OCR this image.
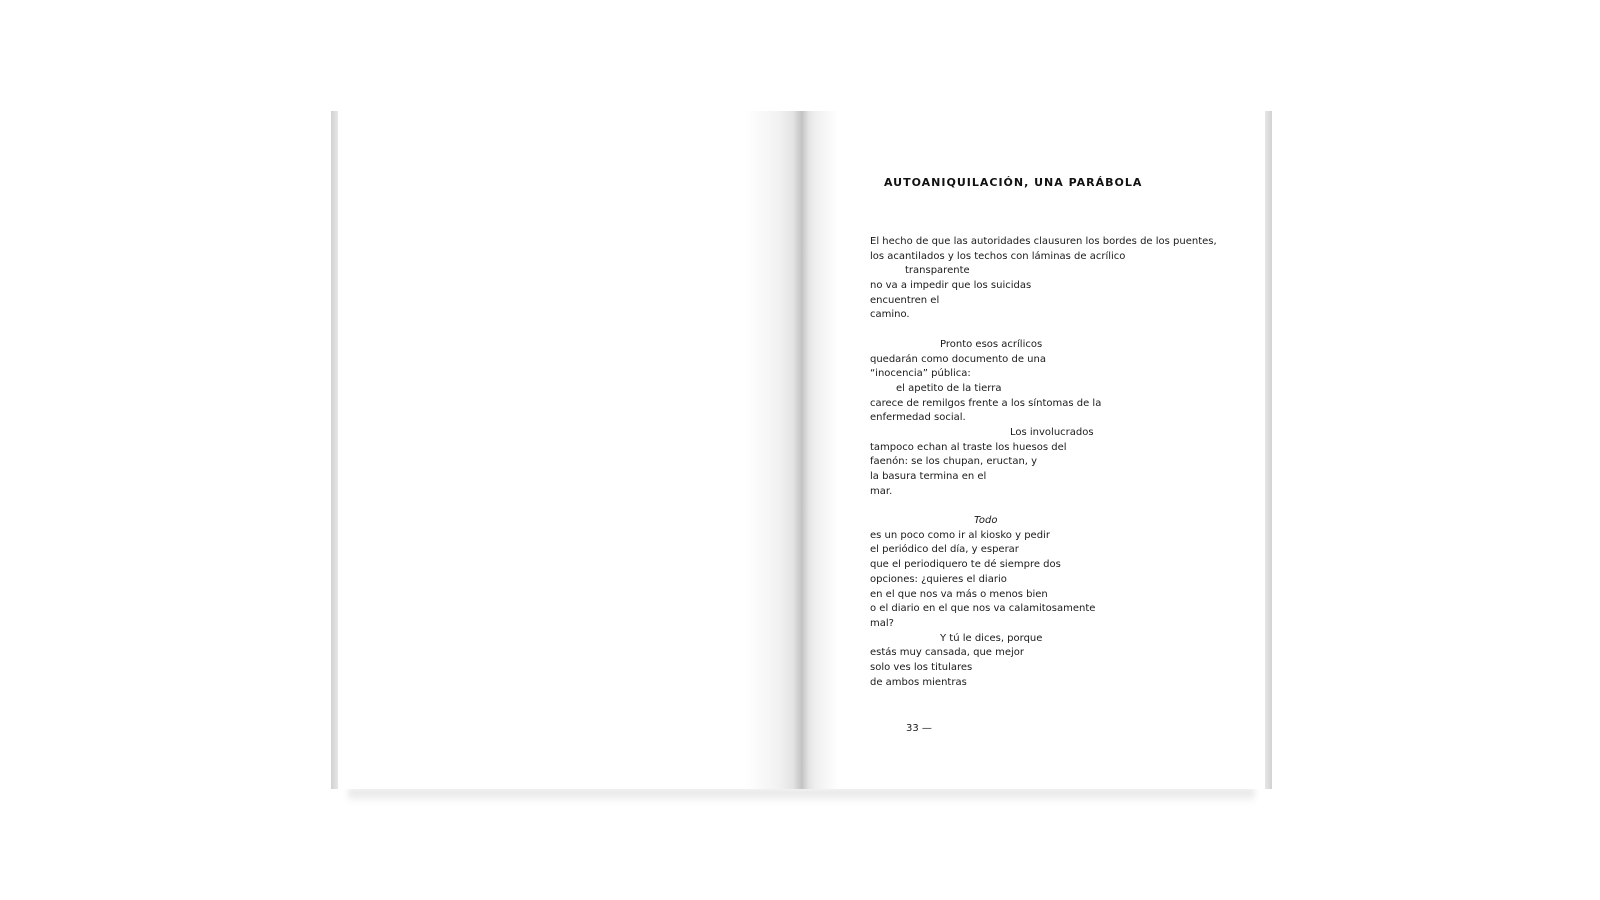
AUTOANIQUILACIÓN, UNA PARÁBOLA
El hecho de que las autoridades clausuren los bordes de los puentes,
los acantilados y los techos con láminas de acrílico
transparente
no va a impedir que los suicidas
encuentren el
camino.
Pronto esos acrílicos
quedarán como documento de una
“inocencia” pública:
el apetito de la tierra
carece de remilgos frente a los síntomas de la
enfermedad social.
Los involucrados
tampoco echan al traste los huesos del
faenón: se los chupan, eructan, y
la basura termina en el
mar.
Todo
es un poco como ir al kiosko y pedir
el periódico del día, y esperar
que el periodiquero te dé siempre dos
opciones: ¿quieres el diario
en el que nos va más o menos bien
o el diario en el que nos va calamitosamente
mal?
Y tú le dices, porque
estás muy cansada, que mejor
solo ves los titulares
de ambos mientras
33 —
